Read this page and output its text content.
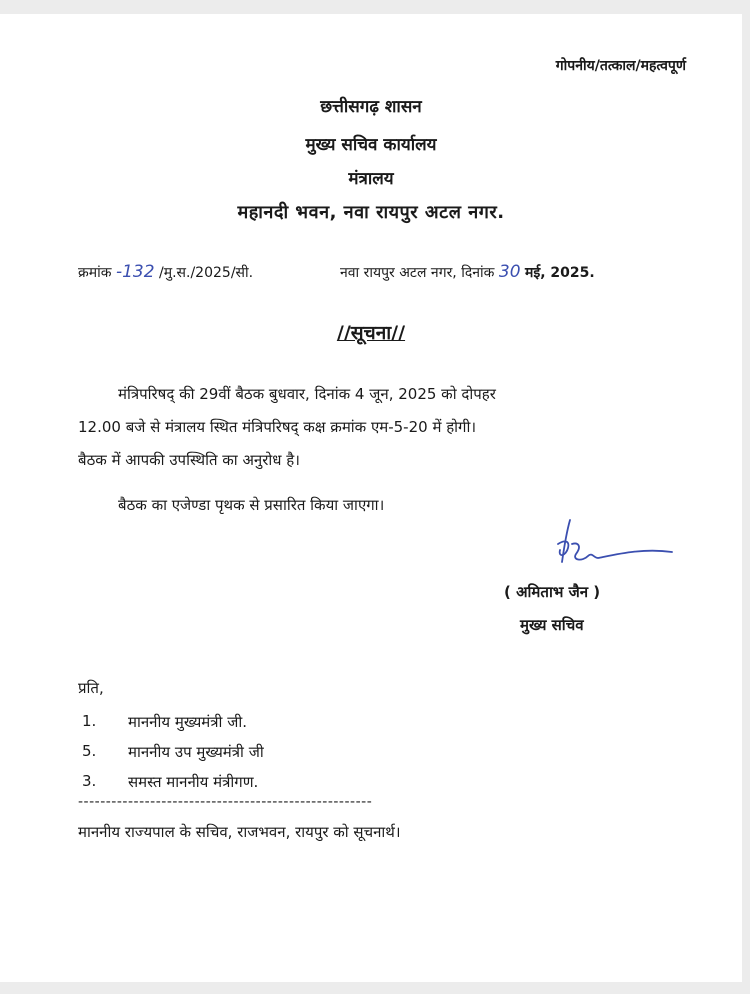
गोपनीय/तत्काल/महत्वपूर्ण
छत्तीसगढ़ शासन
मुख्य सचिव कार्यालय
मंत्रालय
महानदी भवन, नवा रायपुर अटल नगर.
क्रमांक -132 /मु.स./2025/सी.	नवा रायपुर अटल नगर, दिनांक 30 मई, 2025.
//सूचना//
मंत्रिपरिषद् की 29वीं बैठक बुधवार, दिनांक 4 जून, 2025 को दोपहर
12.00 बजे से मंत्रालय स्थित मंत्रिपरिषद् कक्ष क्रमांक एम-5-20 में होगी।
बैठक में आपकी उपस्थिति का अनुरोध है।
बैठक का एजेण्डा पृथक से प्रसारित किया जाएगा।
( अमिताभ जैन )
मुख्य सचिव
प्रति,
1. माननीय मुख्यमंत्री जी.
5. माननीय उप मुख्यमंत्री जी
3. समस्त माननीय मंत्रीगण.
-----------------------------------------------------
माननीय राज्यपाल के सचिव, राजभवन, रायपुर को सूचनार्थ।
